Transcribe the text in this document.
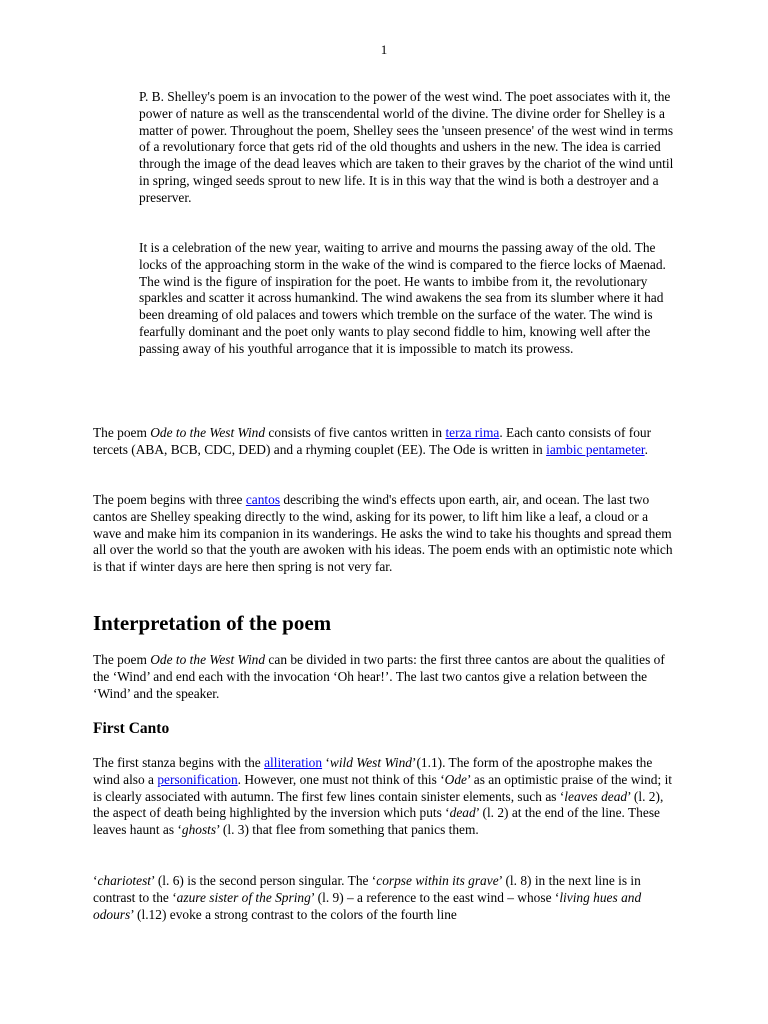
1

P. B. Shelley's poem is an invocation to the power of the west wind. The poet associates with it, the power of nature as well as the transcendental world of the divine. The divine order for Shelley is a matter of power. Throughout the poem, Shelley sees the 'unseen presence' of the west wind in terms of a revolutionary force that gets rid of the old thoughts and ushers in the new. The idea is carried through the image of the dead leaves which are taken to their graves by the chariot of the wind until in spring, winged seeds sprout to new life. It is in this way that the wind is both a destroyer and a preserver.

It is a celebration of the new year, waiting to arrive and mourns the passing away of the old. The locks of the approaching storm in the wake of the wind is compared to the fierce locks of Maenad. The wind is the figure of inspiration for the poet. He wants to imbibe from it, the revolutionary sparkles and scatter it across humankind. The wind awakens the sea from its slumber where it had been dreaming of old palaces and towers which tremble on the surface of the water. The wind is fearfully dominant and the poet only wants to play second fiddle to him, knowing well after the passing away of his youthful arrogance that it is impossible to match its prowess.

The poem Ode to the West Wind consists of five cantos written in terza rima. Each canto consists of four tercets (ABA, BCB, CDC, DED) and a rhyming couplet (EE). The Ode is written in iambic pentameter.

The poem begins with three cantos describing the wind's effects upon earth, air, and ocean. The last two cantos are Shelley speaking directly to the wind, asking for its power, to lift him like a leaf, a cloud or a wave and make him its companion in its wanderings. He asks the wind to take his thoughts and spread them all over the world so that the youth are awoken with his ideas. The poem ends with an optimistic note which is that if winter days are here then spring is not very far.

Interpretation of the poem

The poem Ode to the West Wind can be divided in two parts: the first three cantos are about the qualities of the ‘Wind’ and end each with the invocation ‘Oh hear!’. The last two cantos give a relation between the ‘Wind’ and the speaker.

First Canto

The first stanza begins with the alliteration ‘wild West Wind’(1.1). The form of the apostrophe makes the wind also a personification. However, one must not think of this ‘Ode’ as an optimistic praise of the wind; it is clearly associated with autumn. The first few lines contain sinister elements, such as ‘leaves dead’ (l. 2), the aspect of death being highlighted by the inversion which puts ‘dead’ (l. 2) at the end of the line. These leaves haunt as ‘ghosts’ (l. 3) that flee from something that panics them.

‘chariotest’ (l. 6) is the second person singular. The ‘corpse within its grave’ (l. 8) in the next line is in contrast to the ‘azure sister of the Spring’ (l. 9) – a reference to the east wind – whose ‘living hues and odours’ (l.12) evoke a strong contrast to the colors of the fourth line
